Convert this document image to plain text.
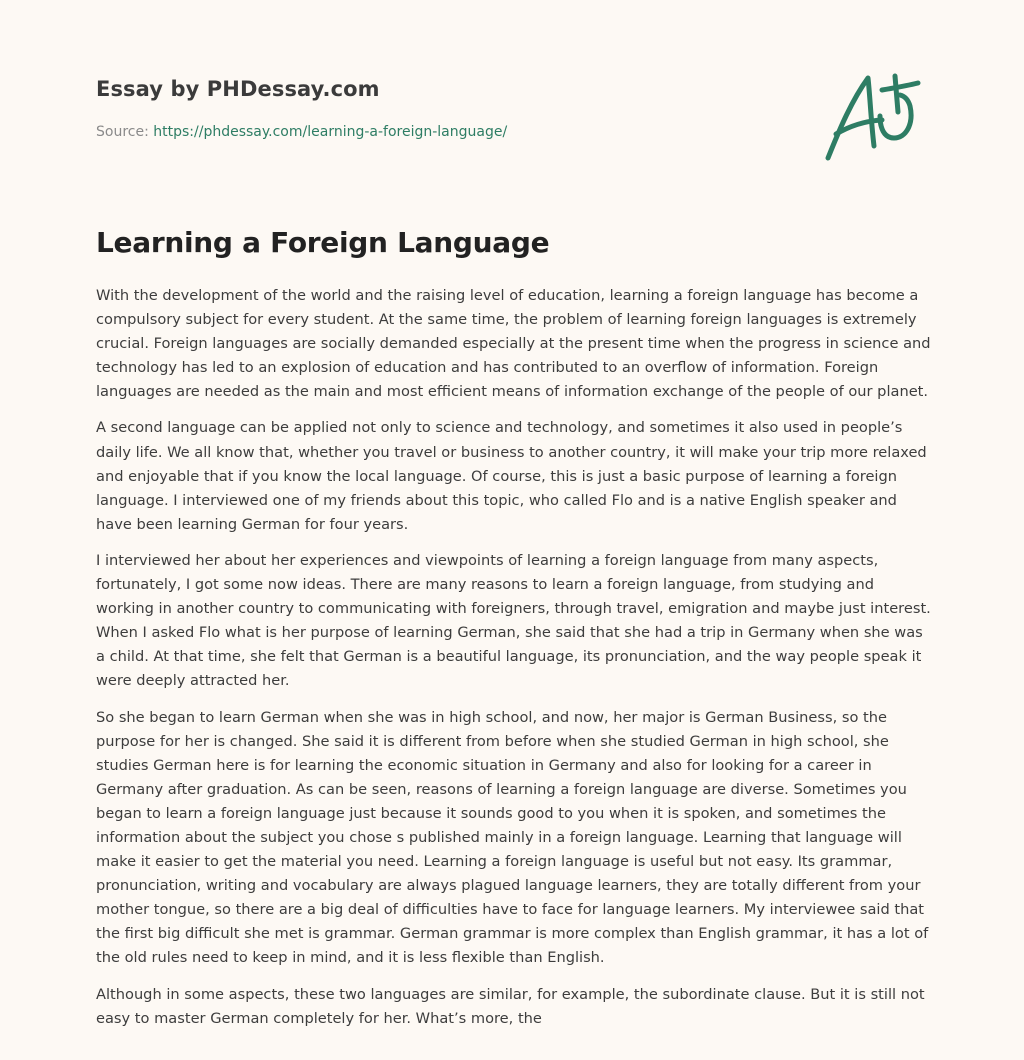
Essay by PHDessay.com
Source: https://phdessay.com/learning-a-foreign-language/
Learning a Foreign Language

With the development of the world and the raising level of education, learning a foreign language has become a compulsory subject for every student. At the same time, the problem of learning foreign languages is extremely crucial. Foreign languages are socially demanded especially at the present time when the progress in science and technology has led to an explosion of education and has contributed to an overflow of information. Foreign languages are needed as the main and most efficient means of information exchange of the people of our planet.

A second language can be applied not only to science and technology, and sometimes it also used in people’s daily life. We all know that, whether you travel or business to another country, it will make your trip more relaxed and enjoyable that if you know the local language. Of course, this is just a basic purpose of learning a foreign language. I interviewed one of my friends about this topic, who called Flo and is a native English speaker and have been learning German for four years.

I interviewed her about her experiences and viewpoints of learning a foreign language from many aspects, fortunately, I got some now ideas. There are many reasons to learn a foreign language, from studying and working in another country to communicating with foreigners, through travel, emigration and maybe just interest. When I asked Flo what is her purpose of learning German, she said that she had a trip in Germany when she was a child. At that time, she felt that German is a beautiful language, its pronunciation, and the way people speak it were deeply attracted her.

So she began to learn German when she was in high school, and now, her major is German Business, so the purpose for her is changed. She said it is different from before when she studied German in high school, she studies German here is for learning the economic situation in Germany and also for looking for a career in Germany after graduation. As can be seen, reasons of learning a foreign language are diverse. Sometimes you began to learn a foreign language just because it sounds good to you when it is spoken, and sometimes the information about the subject you chose s published mainly in a foreign language. Learning that language will make it easier to get the material you need. Learning a foreign language is useful but not easy. Its grammar, pronunciation, writing and vocabulary are always plagued language learners, they are totally different from your mother tongue, so there are a big deal of difficulties have to face for language learners. My interviewee said that the first big difficult she met is grammar. German grammar is more complex than English grammar, it has a lot of the old rules need to keep in mind, and it is less flexible than English.

Although in some aspects, these two languages are similar, for example, the subordinate clause. But it is still not easy to master German completely for her. What’s more, the
